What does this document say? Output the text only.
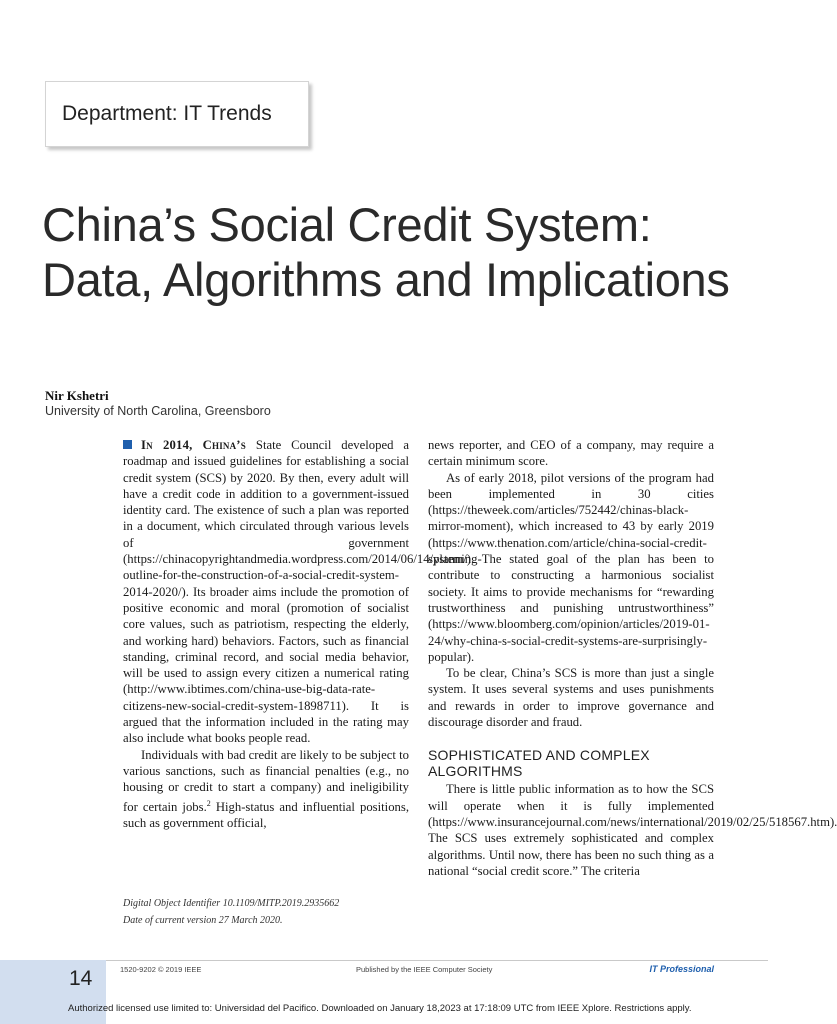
Department: IT Trends
China’s Social Credit System: Data, Algorithms and Implications
Nir Kshetri
University of North Carolina, Greensboro

In 2014, China’s State Council developed a roadmap and issued guidelines for establishing a social credit system (SCS) by 2020. By then, every adult will have a credit code in addition to a government-issued identity card. The existence of such a plan was reported in a document, which circulated through various levels of government (https://chinacopyrightandmedia.wordpress.com/2014/06/14/planning-outline-for-the-construction-of-a-social-credit-system-2014-2020/). Its broader aims include the promotion of positive economic and moral (promotion of socialist core values, such as patriotism, respecting the elderly, and working hard) behaviors. Factors, such as financial standing, criminal record, and social media behavior, will be used to assign every citizen a numerical rating (http://www.ibtimes.com/china-use-big-data-rate-citizens-new-social-credit-system-1898711). It is argued that the information included in the rating may also include what books people read.

Individuals with bad credit are likely to be subject to various sanctions, such as financial penalties (e.g., no housing or credit to start a company) and ineligibility for certain jobs.$^2$ High-status and influential positions, such as government official,

Digital Object Identifier 10.1109/MITP.2019.2935662
Date of current version 27 March 2020.

news reporter, and CEO of a company, may require a certain minimum score.

As of early 2018, pilot versions of the program had been implemented in 30 cities (https://theweek.com/articles/752442/chinas-black-mirror-moment), which increased to 43 by early 2019 (https://www.thenation.com/article/china-social-credit-system/). The stated goal of the plan has been to contribute to constructing a harmonious socialist society. It aims to provide mechanisms for “rewarding trustworthiness and punishing untrustworthiness” (https://www.bloomberg.com/opinion/articles/2019-01-24/why-china-s-social-credit-systems-are-surprisingly-popular).

To be clear, China’s SCS is more than just a single system. It uses several systems and uses punishments and rewards in order to improve governance and discourage disorder and fraud.

SOPHISTICATED AND COMPLEX ALGORITHMS

There is little public information as to how the SCS will operate when it is fully implemented (https://www.insurancejournal.com/news/international/2019/02/25/518567.htm). The SCS uses extremely sophisticated and complex algorithms. Until now, there has been no such thing as a national “social credit score.” The criteria

14	1520-9202 © 2019 IEEE	Published by the IEEE Computer Society	IT Professional
Authorized licensed use limited to: Universidad del Pacifico. Downloaded on January 18,2023 at 17:18:09 UTC from IEEE Xplore. Restrictions apply.
